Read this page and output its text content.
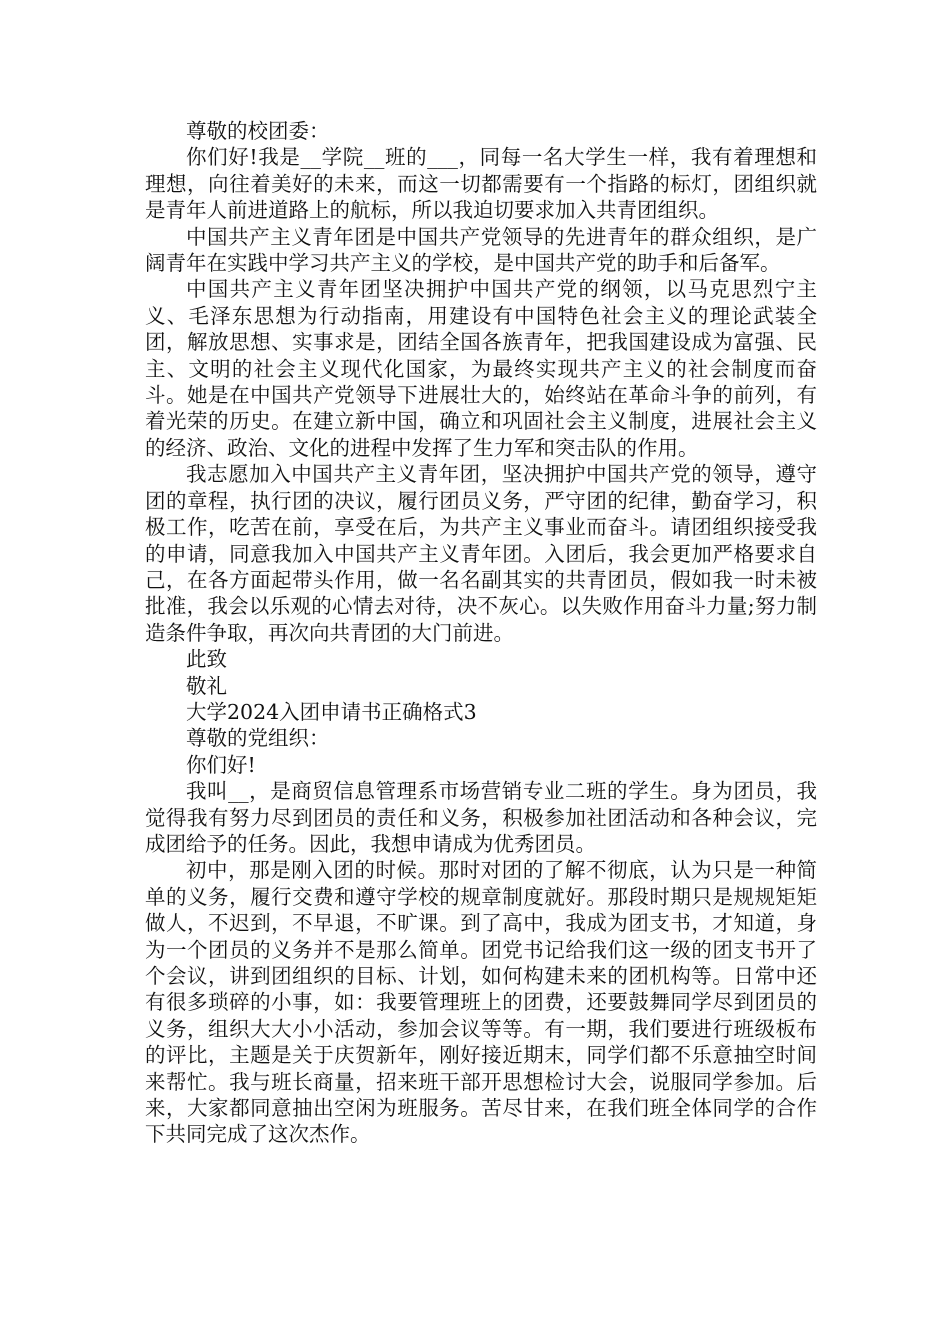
尊敬的校团委：

你们好!我是__学院__班的___，同每一名大学生一样，我有着理想和理想，向往着美好的未来，而这一切都需要有一个指路的标灯，团组织就是青年人前进道路上的航标，所以我迫切要求加入共青团组织。

中国共产主义青年团是中国共产党领导的先进青年的群众组织，是广阔青年在实践中学习共产主义的学校，是中国共产党的助手和后备军。

中国共产主义青年团坚决拥护中国共产党的纲领，以马克思烈宁主义、毛泽东思想为行动指南，用建设有中国特色社会主义的理论武装全团，解放思想、实事求是，团结全国各族青年，把我国建设成为富强、民主、文明的社会主义现代化国家，为最终实现共产主义的社会制度而奋斗。她是在中国共产党领导下进展壮大的，始终站在革命斗争的前列，有着光荣的历史。在建立新中国，确立和巩固社会主义制度，进展社会主义的经济、政治、文化的进程中发挥了生力军和突击队的作用。

我志愿加入中国共产主义青年团，坚决拥护中国共产党的领导，遵守团的章程，执行团的决议，履行团员义务，严守团的纪律，勤奋学习，积极工作，吃苦在前，享受在后，为共产主义事业而奋斗。请团组织接受我的申请，同意我加入中国共产主义青年团。入团后，我会更加严格要求自己，在各方面起带头作用，做一名名副其实的共青团员，假如我一时未被批准，我会以乐观的心情去对待，决不灰心。以失败作用奋斗力量;努力制造条件争取，再次向共青团的大门前进。

此致

敬礼

大学2024入团申请书正确格式3

尊敬的党组织：

你们好!

我叫__，是商贸信息管理系市场营销专业二班的学生。身为团员，我觉得我有努力尽到团员的责任和义务，积极参加社团活动和各种会议，完成团给予的任务。因此，我想申请成为优秀团员。

初中，那是刚入团的时候。那时对团的了解不彻底，认为只是一种简单的义务，履行交费和遵守学校的规章制度就好。那段时期只是规规矩矩做人，不迟到，不早退，不旷课。到了高中，我成为团支书，才知道，身为一个团员的义务并不是那么简单。团党书记给我们这一级的团支书开了个会议，讲到团组织的目标、计划，如何构建未来的团机构等。日常中还有很多琐碎的小事，如：我要管理班上的团费，还要鼓舞同学尽到团员的义务，组织大大小小活动，参加会议等等。有一期，我们要进行班级板布的评比，主题是关于庆贺新年，刚好接近期末，同学们都不乐意抽空时间来帮忙。我与班长商量，招来班干部开思想检讨大会，说服同学参加。后来，大家都同意抽出空闲为班服务。苦尽甘来，在我们班全体同学的合作下共同完成了这次杰作。
